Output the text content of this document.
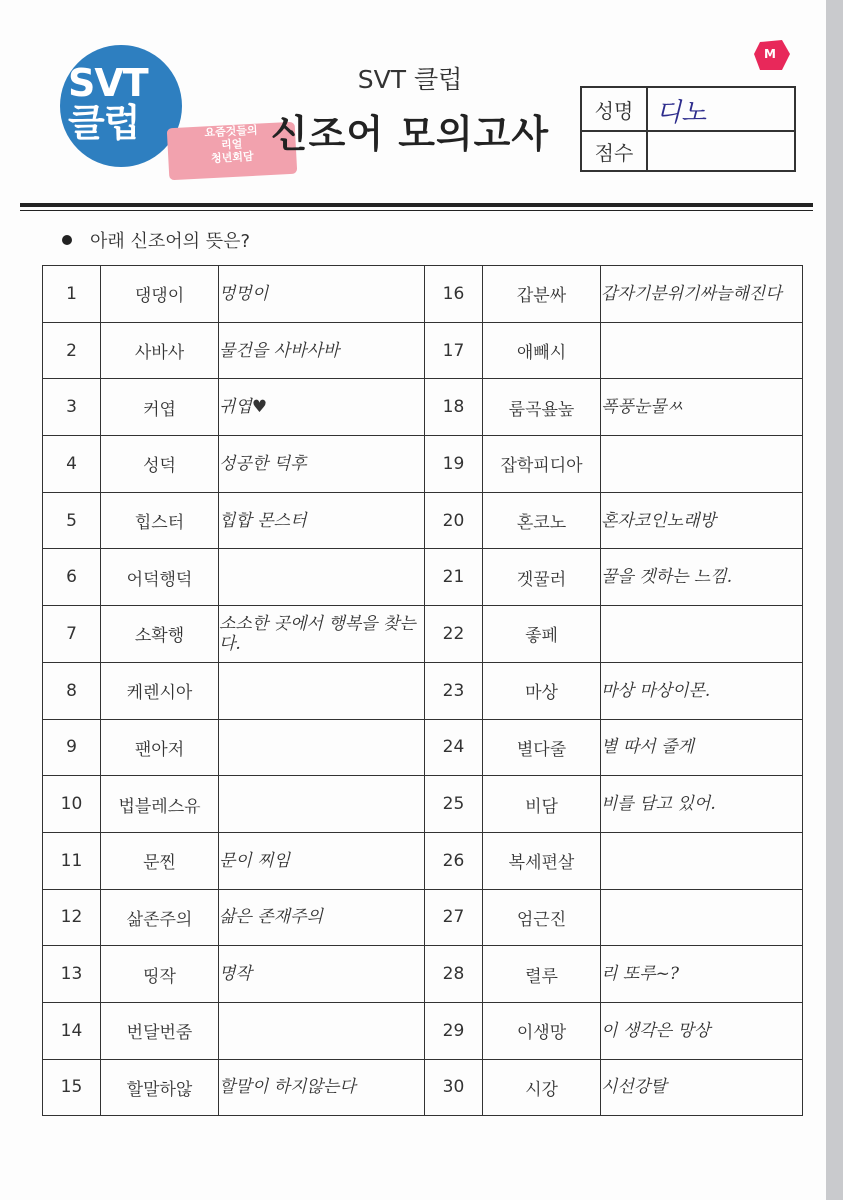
SVT
클럽	요즘것들의
리얼
청년회담
M
SVT 클럽
신조어 모의고사
성명 디노
점수
아래 신조어의 뜻은?
1	댕댕이	멍멍이	16	갑분싸	갑자기분위기싸늘해진다
2	사바사	물건을 사바사바	17	애빼시	
3	커엽	귀엽♥	18	룸곡욮높	폭풍눈물ㅆ
4	성덕	성공한 덕후	19	잡학피디아	
5	힙스터	힙합 몬스터	20	혼코노	혼자코인노래방
6	어덕행덕		21	겟꿀러	꿀을 겟하는 느낌.
7	소확행	소소한 곳에서 행복을 찾는다.	22	좋페	
8	케렌시아		23	마상	마상 마상이몬.
9	팬아저		24	별다줄	별 따서 줄게
10	법블레스유		25	비담	비를 담고 있어.
11	문찐	문이 찌임	26	복세편살	
12	삶존주의	삶은 존재주의	27	엄근진	
13	띵작	명작	28	렬루	리 또루~?
14	번달번줌		29	이생망	이 생각은 망상
15	할말하않	할말이 하지않는다	30	시강	시선강탈
